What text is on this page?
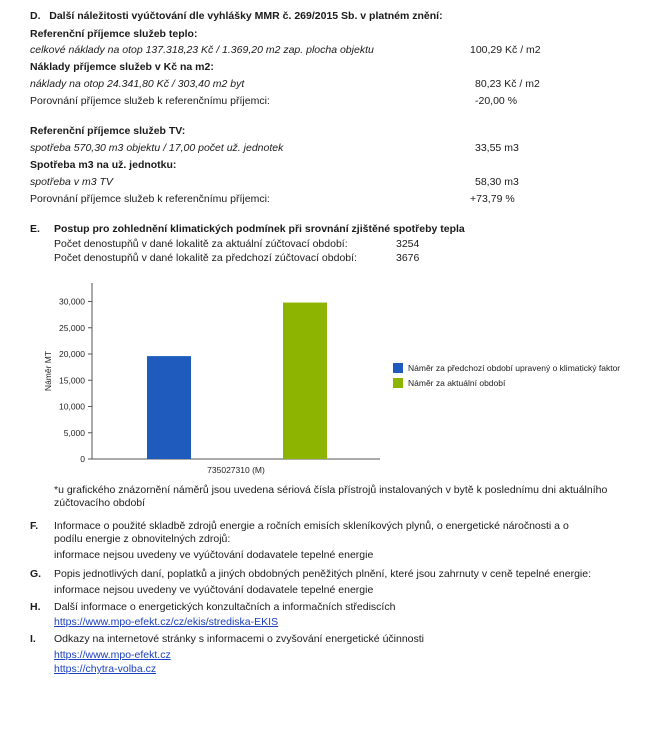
D.   Další náležitosti vyúčtování dle vyhlášky MMR č. 269/2015 Sb. v platném znění:
Referenční příjemce služeb teplo:
celkové náklady na otop 137.318,23 Kč / 1.369,20 m2 zap. plocha objektu	100,29 Kč / m2
Náklady příjemce služeb v Kč na m2:
náklady na otop 24.341,80 Kč / 303,40 m2 byt	80,23 Kč / m2
Porovnání příjemce služeb k referenčnímu příjemci:	-20,00 %
Referenční příjemce služeb TV:
spotřeba 570,30 m3 objektu / 17,00 počet už. jednotek	33,55 m3
Spotřeba m3 na už. jednotku:
spotřeba v m3 TV	58,30 m3
Porovnání příjemce služeb k referenčnímu příjemci:	+73,79 %
E. Postup pro zohlednění klimatických podmínek při srovnání zjištěné spotřeby tepla
Počet denostupňů v dané lokalitě za aktuální zúčtovací období:	3254
Počet denostupňů v dané lokalitě za předchozí zúčtovací období:	3676
0
5,000
10,000
15,000
20,000
25,000
30,000
Náměr MT
735027310 (M)
Náměr za předchozí období upravený o klimatický faktor
Náměr za aktuální období
*u grafického znázornění náměrů jsou uvedena sériová čísla přístrojů instalovaných v bytě k poslednímu dni aktuálního zúčtovacího období
F. Informace o použité skladbě zdrojů energie a ročních emisích skleníkových plynů, o energetické náročnosti a o
podílu energie z obnovitelných zdrojů:
informace nejsou uvedeny ve vyúčtování dodavatele tepelné energie
G. Popis jednotlivých daní, poplatků a jiných obdobných peněžitých plnění, které jsou zahrnuty v ceně tepelné energie:
informace nejsou uvedeny ve vyúčtování dodavatele tepelné energie
H. Další informace o energetických konzultačních a informačních střediscích
https://www.mpo-efekt.cz/cz/ekis/strediska-EKIS
I. Odkazy na internetové stránky s informacemi o zvyšování energetické účinnosti
https://www.mpo-efekt.cz
https://chytra-volba.cz
